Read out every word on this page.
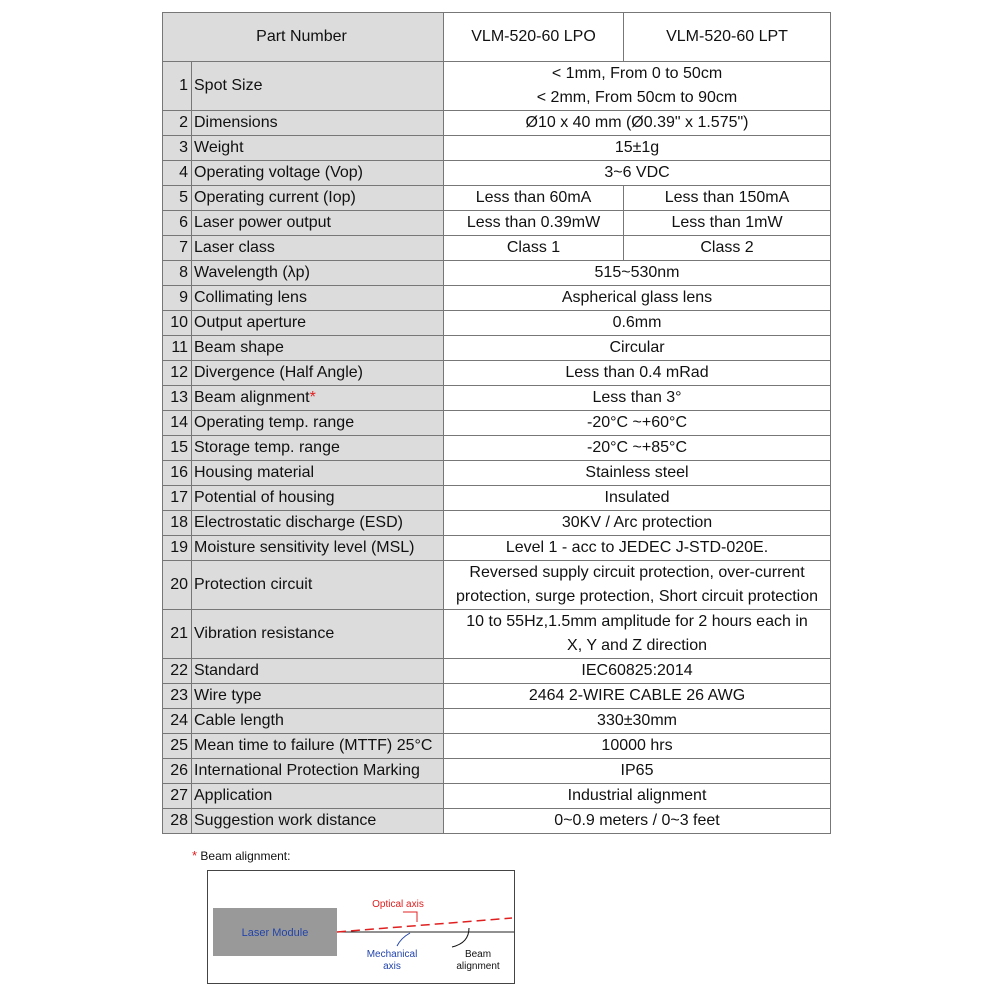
Part Number		VLM-520-60 LPO	VLM-520-60 LPT
1	Spot Size	< 1mm, From 0 to 50cm
< 2mm, From 50cm to 90cm	

2	Dimensions	Ø10 x 40 mm (Ø0.39" x 1.575")	
3	Weight	15±1g	
4	Operating voltage (Vop)	3~6 VDC	
5	Operating current (Iop)	Less than 60mA	Less than 150mA
6	Laser power output	Less than 0.39mW	Less than 1mW
7	Laser class	Class 1	Class 2
8	Wavelength (λp)	515~530nm	
9	Collimating lens	Aspherical glass lens	
10	Output aperture	0.6mm	
11	Beam shape	Circular	
12	Divergence (Half Angle)	Less than 0.4 mRad	
13	Beam alignment*	Less than 3°	
14	Operating temp. range	-20°C ~+60°C	
15	Storage temp. range	-20°C ~+85°C	
16	Housing material	Stainless steel	
17	Potential of housing	Insulated	
18	Electrostatic discharge (ESD)	30KV / Arc protection	
19	Moisture sensitivity level (MSL)	Level 1 - acc to JEDEC J-STD-020E.	
20	Protection circuit	Reversed supply circuit protection, over-current
protection, surge protection, Short circuit protection	

21	Vibration resistance	10 to 55Hz,1.5mm amplitude for 2 hours each in
X, Y and Z direction	

22	Standard	IEC60825:2014	
23	Wire type	2464 2-WIRE CABLE 26 AWG	
24	Cable length	330±30mm	
25	Mean time to failure (MTTF) 25°C	10000 hrs	
26	International Protection Marking	IP65	
27	Application	Industrial alignment	
28	Suggestion work distance	0~0.9 meters / 0~3 feet	
* Beam alignment:
Laser Module
Optical axis
Mechanical
axis
Beam
alignment
